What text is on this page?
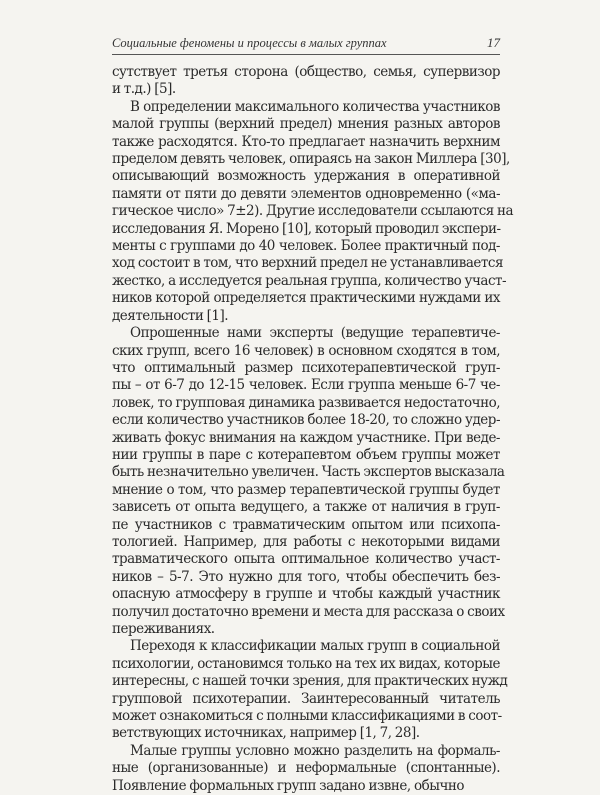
Социальные феномены и процессы в малых группах	17

сутствует третья сторона (общество, семья, супервизор
и т.д.) [5].

В определении максимального количества участников
малой группы (верхний предел) мнения разных авторов
также расходятся. Кто-то предлагает назначить верхним
пределом девять человек, опираясь на закон Миллера [30],
описывающий возможность удержания в оперативной
памяти от пяти до девяти элементов одновременно («ма-
гическое число» 7±2). Другие исследователи ссылаются на
исследования Я. Морено [10], который проводил экспери-
менты с группами до 40 человек. Более практичный под-
ход состоит в том, что верхний предел не устанавливается
жестко, а исследуется реальная группа, количество участ-
ников которой определяется практическими нуждами их
деятельности [1].

Опрошенные нами эксперты (ведущие терапевтиче-
ских групп, всего 16 человек) в основном сходятся в том,
что оптимальный размер психотерапевтической груп-
пы – от 6-7 до 12-15 человек. Если группа меньше 6-7 че-
ловек, то групповая динамика развивается недостаточно,
если количество участников более 18-20, то сложно удер-
живать фокус внимания на каждом участнике. При веде-
нии группы в паре с котерапевтом объем группы может
быть незначительно увеличен. Часть экспертов высказала
мнение о том, что размер терапевтической группы будет
зависеть от опыта ведущего, а также от наличия в груп-
пе участников с травматическим опытом или психопа-
тологией. Например, для работы с некоторыми видами
травматического опыта оптимальное количество участ-
ников – 5-7. Это нужно для того, чтобы обеспечить без-
опасную атмосферу в группе и чтобы каждый участник
получил достаточно времени и места для рассказа о своих
переживаниях.

Переходя к классификации малых групп в социальной
психологии, остановимся только на тех их видах, которые
интересны, с нашей точки зрения, для практических нужд
групповой психотерапии. Заинтересованный читатель
может ознакомиться с полными классификациями в соот-
ветствующих источниках, например [1, 7, 28].

Малые группы условно можно разделить на формаль-
ные (организованные) и неформальные (спонтанные).
Появление формальных групп задано извне, обычно
